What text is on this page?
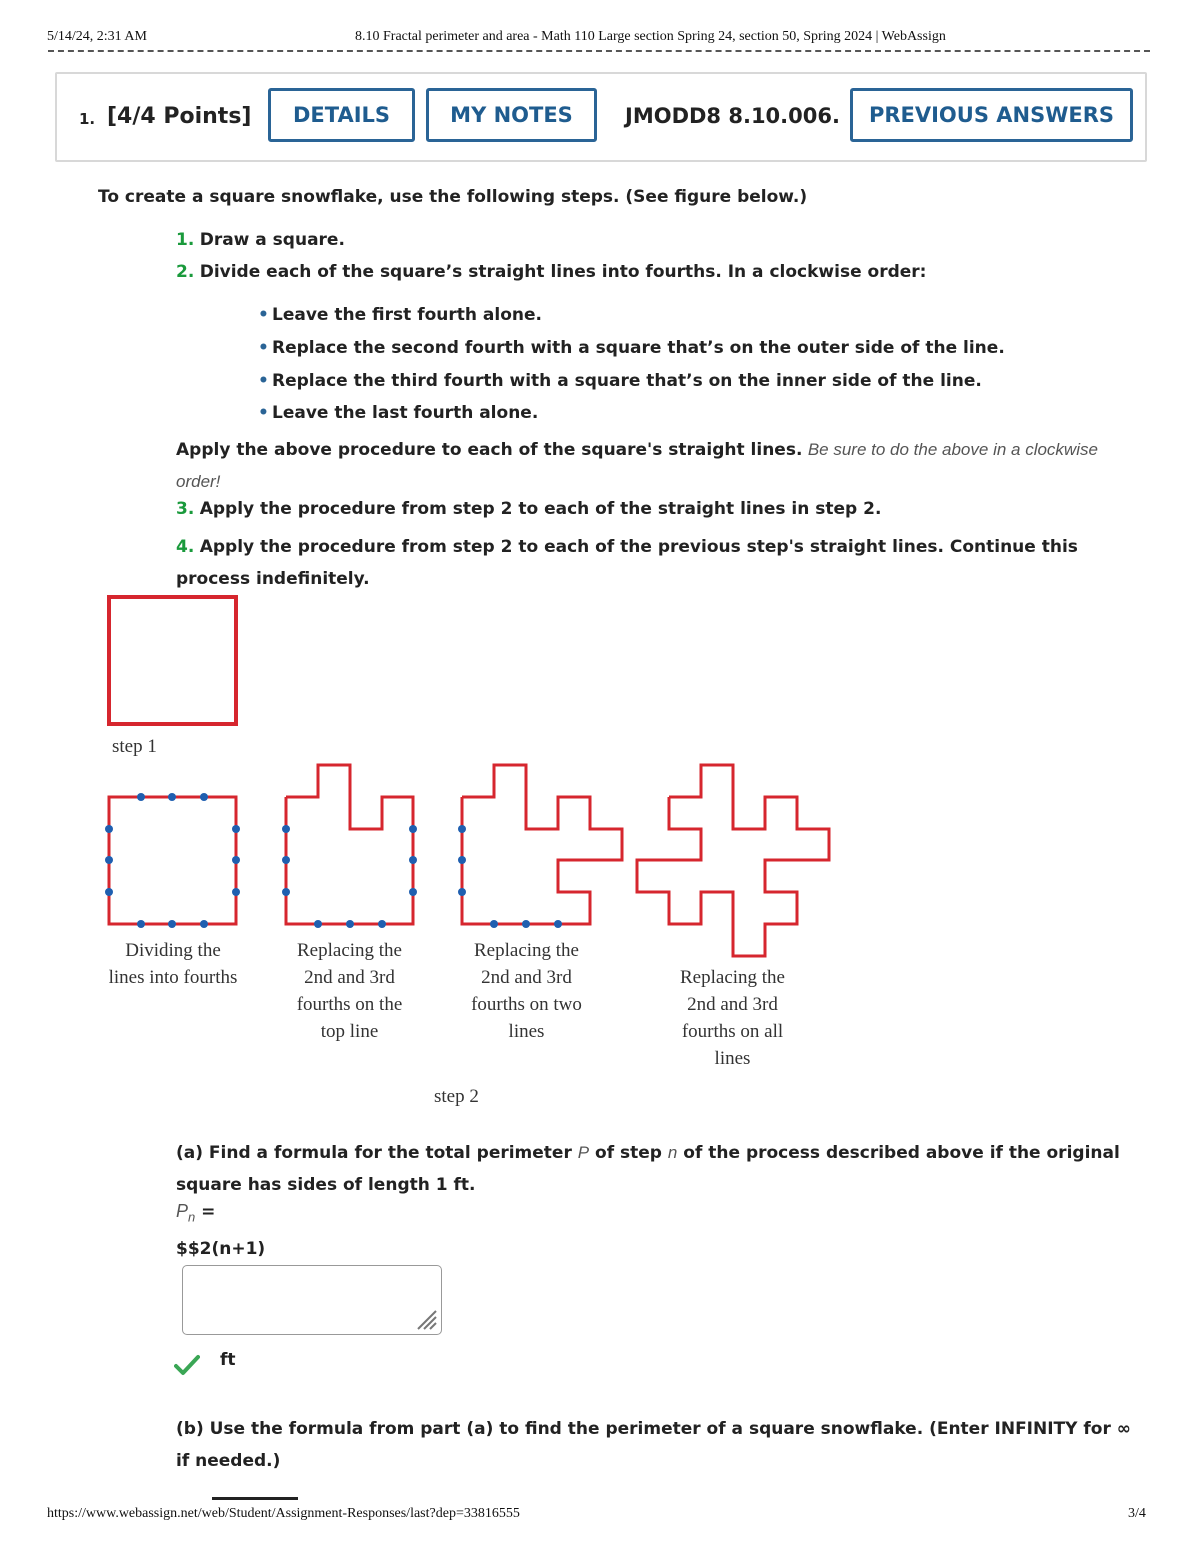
5/14/24, 2:31 AM	8.10 Fractal perimeter and area - Math 110 Large section Spring 24, section 50, Spring 2024 | WebAssign
1. [4/4 Points]	DETAILS	MY NOTES	JMODD8 8.10.006.	PREVIOUS ANSWERS
To create a square snowflake, use the following steps. (See figure below.)
1. Draw a square.
2. Divide each of the square’s straight lines into fourths. In a clockwise order:
• Leave the first fourth alone.
• Replace the second fourth with a square that’s on the outer side of the line.
• Replace the third fourth with a square that’s on the inner side of the line.
• Leave the last fourth alone.
Apply the above procedure to each of the square's straight lines. Be sure to do the above in a clockwise order!
3. Apply the procedure from step 2 to each of the straight lines in step 2.
4. Apply the procedure from step 2 to each of the previous step's straight lines. Continue this process indefinitely.
step 1
Dividing the lines into fourths
Replacing the 2nd and 3rd fourths on the top line
Replacing the 2nd and 3rd fourths on two lines
Replacing the 2nd and 3rd fourths on all lines
step 2
(a) Find a formula for the total perimeter P of step n of the process described above if the original square has sides of length 1 ft.
$P_n$ =
$$2(n+1)
ft
(b) Use the formula from part (a) to find the perimeter of a square snowflake. (Enter INFINITY for ∞ if needed.)
https://www.webassign.net/web/Student/Assignment-Responses/last?dep=33816555	3/4
